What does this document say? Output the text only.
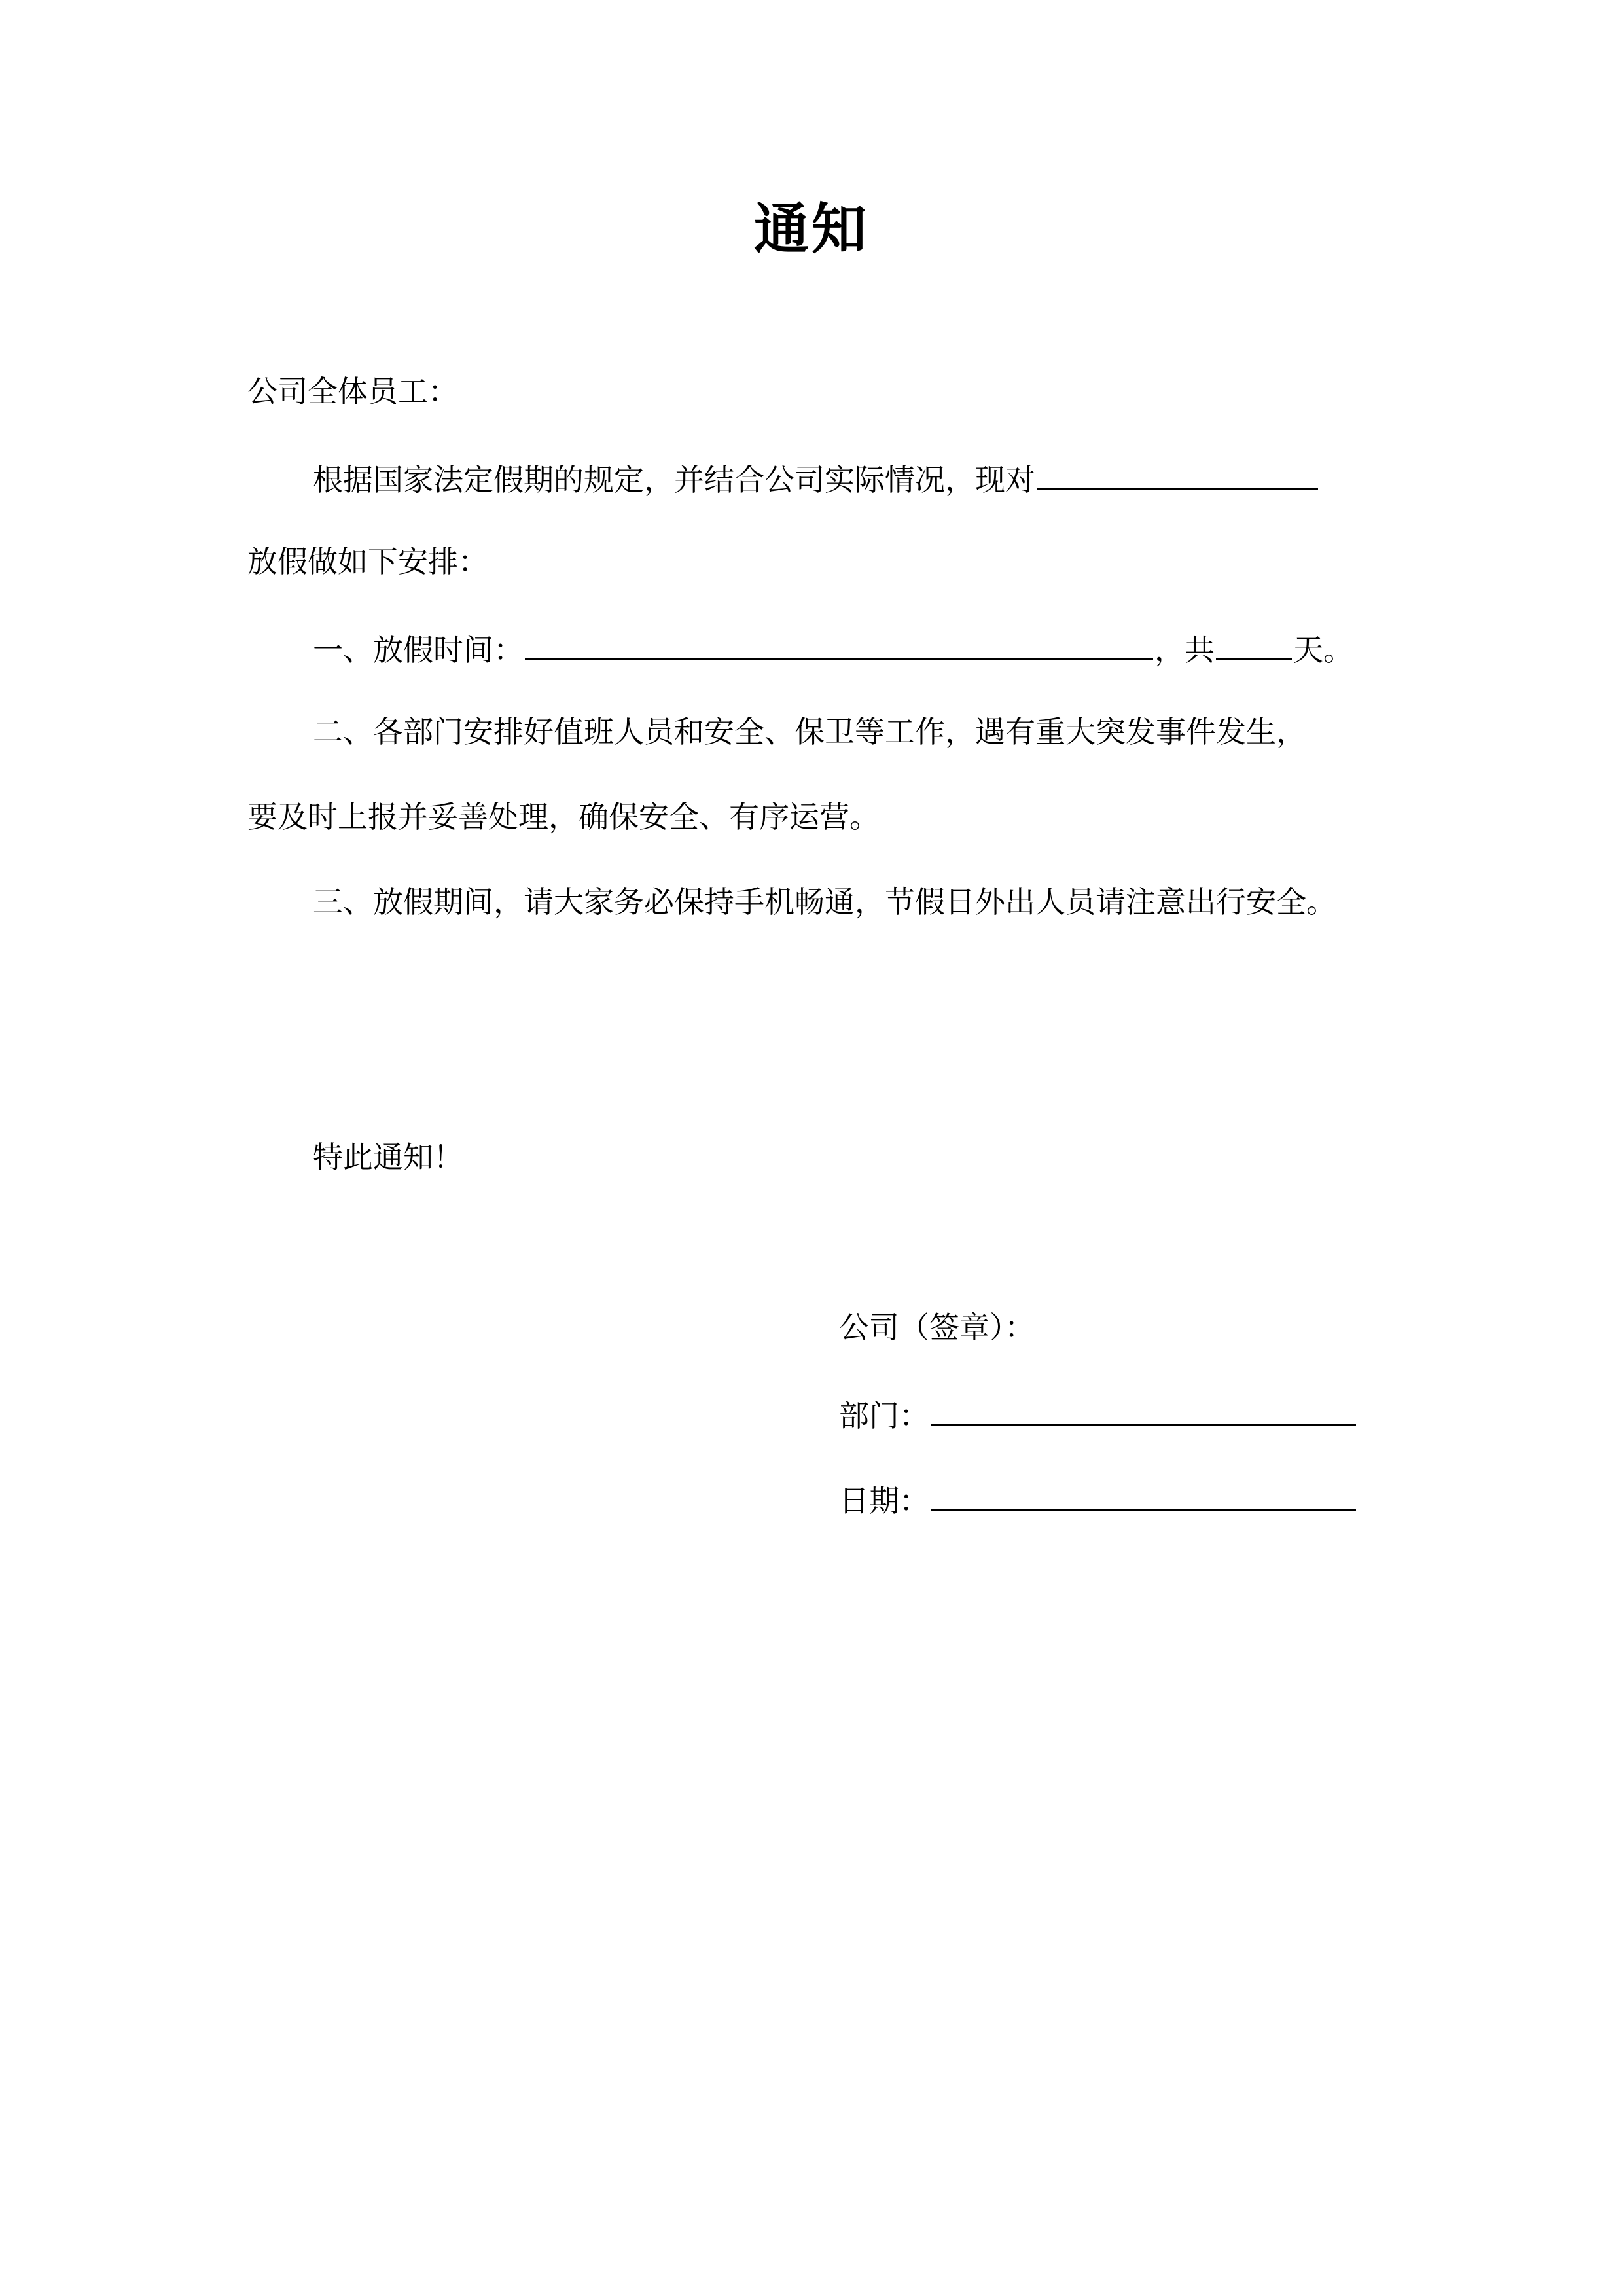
通知
公司全体员工：
根据国家法定假期的规定，并结合公司实际情况，现对
放假做如下安排：
一、放假时间：	，共	天。
二、各部门安排好值班人员和安全、保卫等工作，遇有重大突发事件发生，
要及时上报并妥善处理，确保安全、有序运营。
三、放假期间，请大家务必保持手机畅通，节假日外出人员请注意出行安全。
特此通知！
公司（签章）：
部门：
日期：
